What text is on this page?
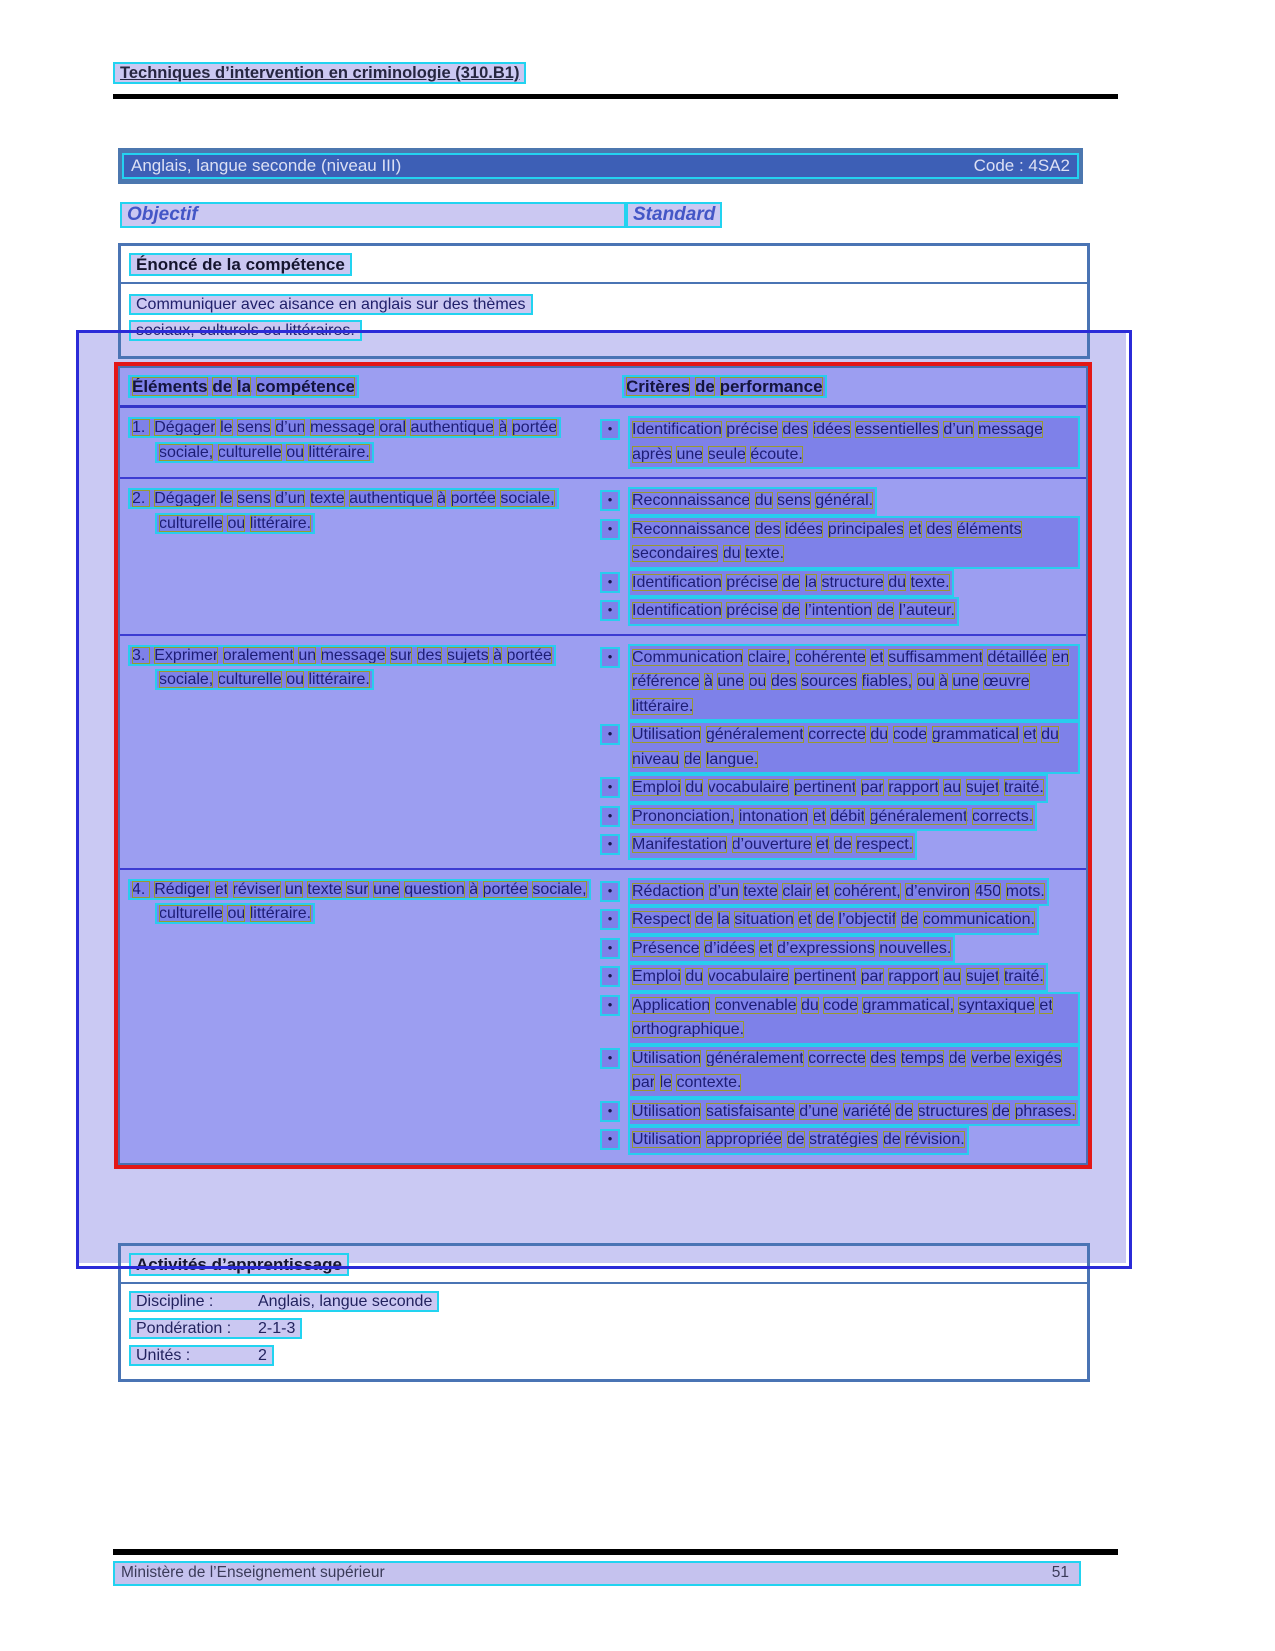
Techniques d’intervention en criminologie (310.B1)
Anglais, langue seconde (niveau III)	Code : 4SA2
Objectif	Standard
Énoncé de la compétence
Communiquer avec aisance en anglais sur des thèmes sociaux, culturels ou littéraires.
Éléments de la compétence	Critères de performance
1.  Dégager le sens d’un message oral authentique à portée sociale, culturelle ou littéraire.
•	Identification précise des idées essentielles d’un message après une seule écoute.
2.  Dégager le sens d’un texte authentique à portée sociale, culturelle ou littéraire.
•	Reconnaissance du sens général.
•	Reconnaissance des idées principales et des éléments secondaires du texte.
•	Identification précise de la structure du texte.
•	Identification précise de l’intention de l’auteur.
3.  Exprimer oralement un message sur des sujets à portée sociale, culturelle ou littéraire.
•	Communication claire, cohérente et suffisamment détaillée en référence à une ou des sources fiables, ou à une œuvre littéraire.
•	Utilisation généralement correcte du code grammatical et du niveau de langue.
•	Emploi du vocabulaire pertinent par rapport au sujet traité.
•	Prononciation, intonation et débit généralement corrects.
•	Manifestation d’ouverture et de respect.
4.  Rédiger et réviser un texte sur une question à portée sociale, culturelle ou littéraire.
•	Rédaction d’un texte clair et cohérent, d’environ 450 mots.
•	Respect de la situation et de l’objectif de communication.
•	Présence d’idées et d’expressions nouvelles.
•	Emploi du vocabulaire pertinent par rapport au sujet traité.
•	Application convenable du code grammatical, syntaxique et orthographique.
•	Utilisation généralement correcte des temps de verbe exigés par le contexte.
•	Utilisation satisfaisante d’une variété de structures de phrases.
•	Utilisation appropriée de stratégies de révision.
Activités d’apprentissage
Discipline :	Anglais, langue seconde
Pondération : 2-1-3
Unités :	2
Ministère de l’Enseignement supérieur	51
